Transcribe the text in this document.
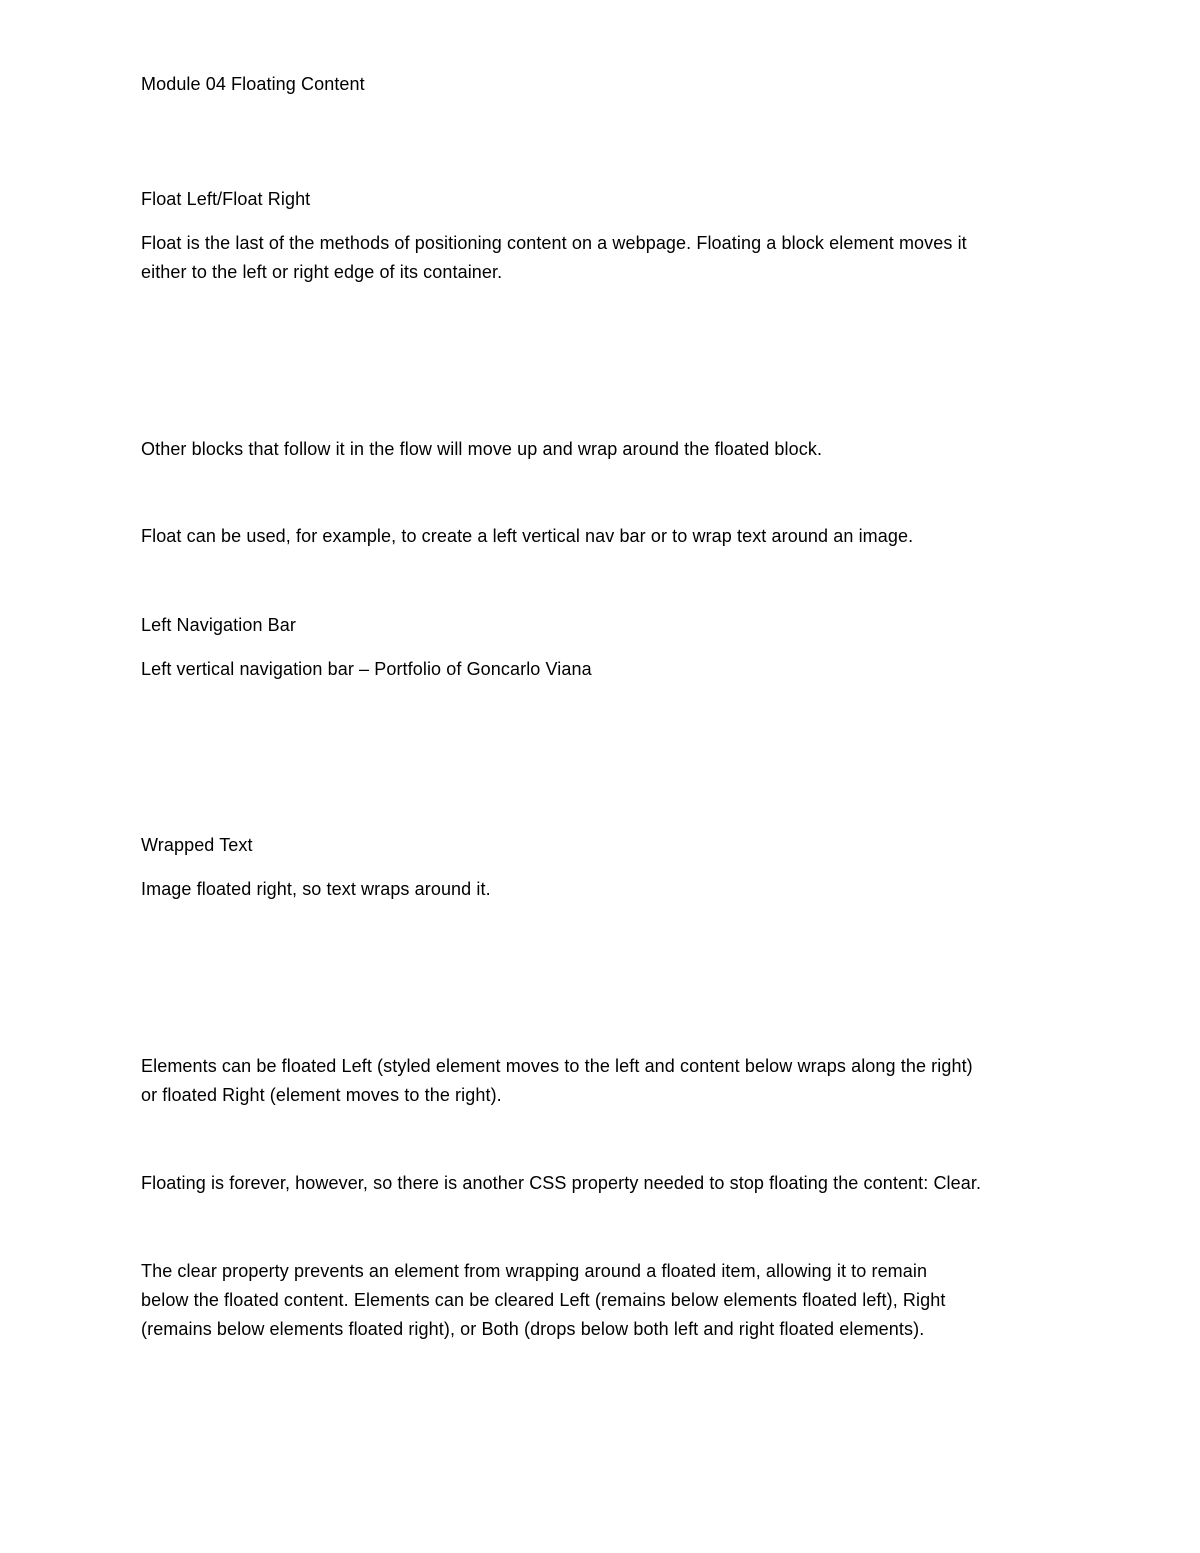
Module 04 Floating Content
Float Left/Float Right
Float is the last of the methods of positioning content on a webpage. Floating a block element moves it
either to the left or right edge of its container.
Other blocks that follow it in the flow will move up and wrap around the floated block.
Float can be used, for example, to create a left vertical nav bar or to wrap text around an image.
Left Navigation Bar
Left vertical navigation bar – Portfolio of Goncarlo Viana
Wrapped Text
Image floated right, so text wraps around it.
Elements can be floated Left (styled element moves to the left and content below wraps along the right)
or floated Right (element moves to the right).
Floating is forever, however, so there is another CSS property needed to stop floating the content: Clear.
The clear property prevents an element from wrapping around a floated item, allowing it to remain
below the floated content. Elements can be cleared Left (remains below elements floated left), Right
(remains below elements floated right), or Both (drops below both left and right floated elements).
